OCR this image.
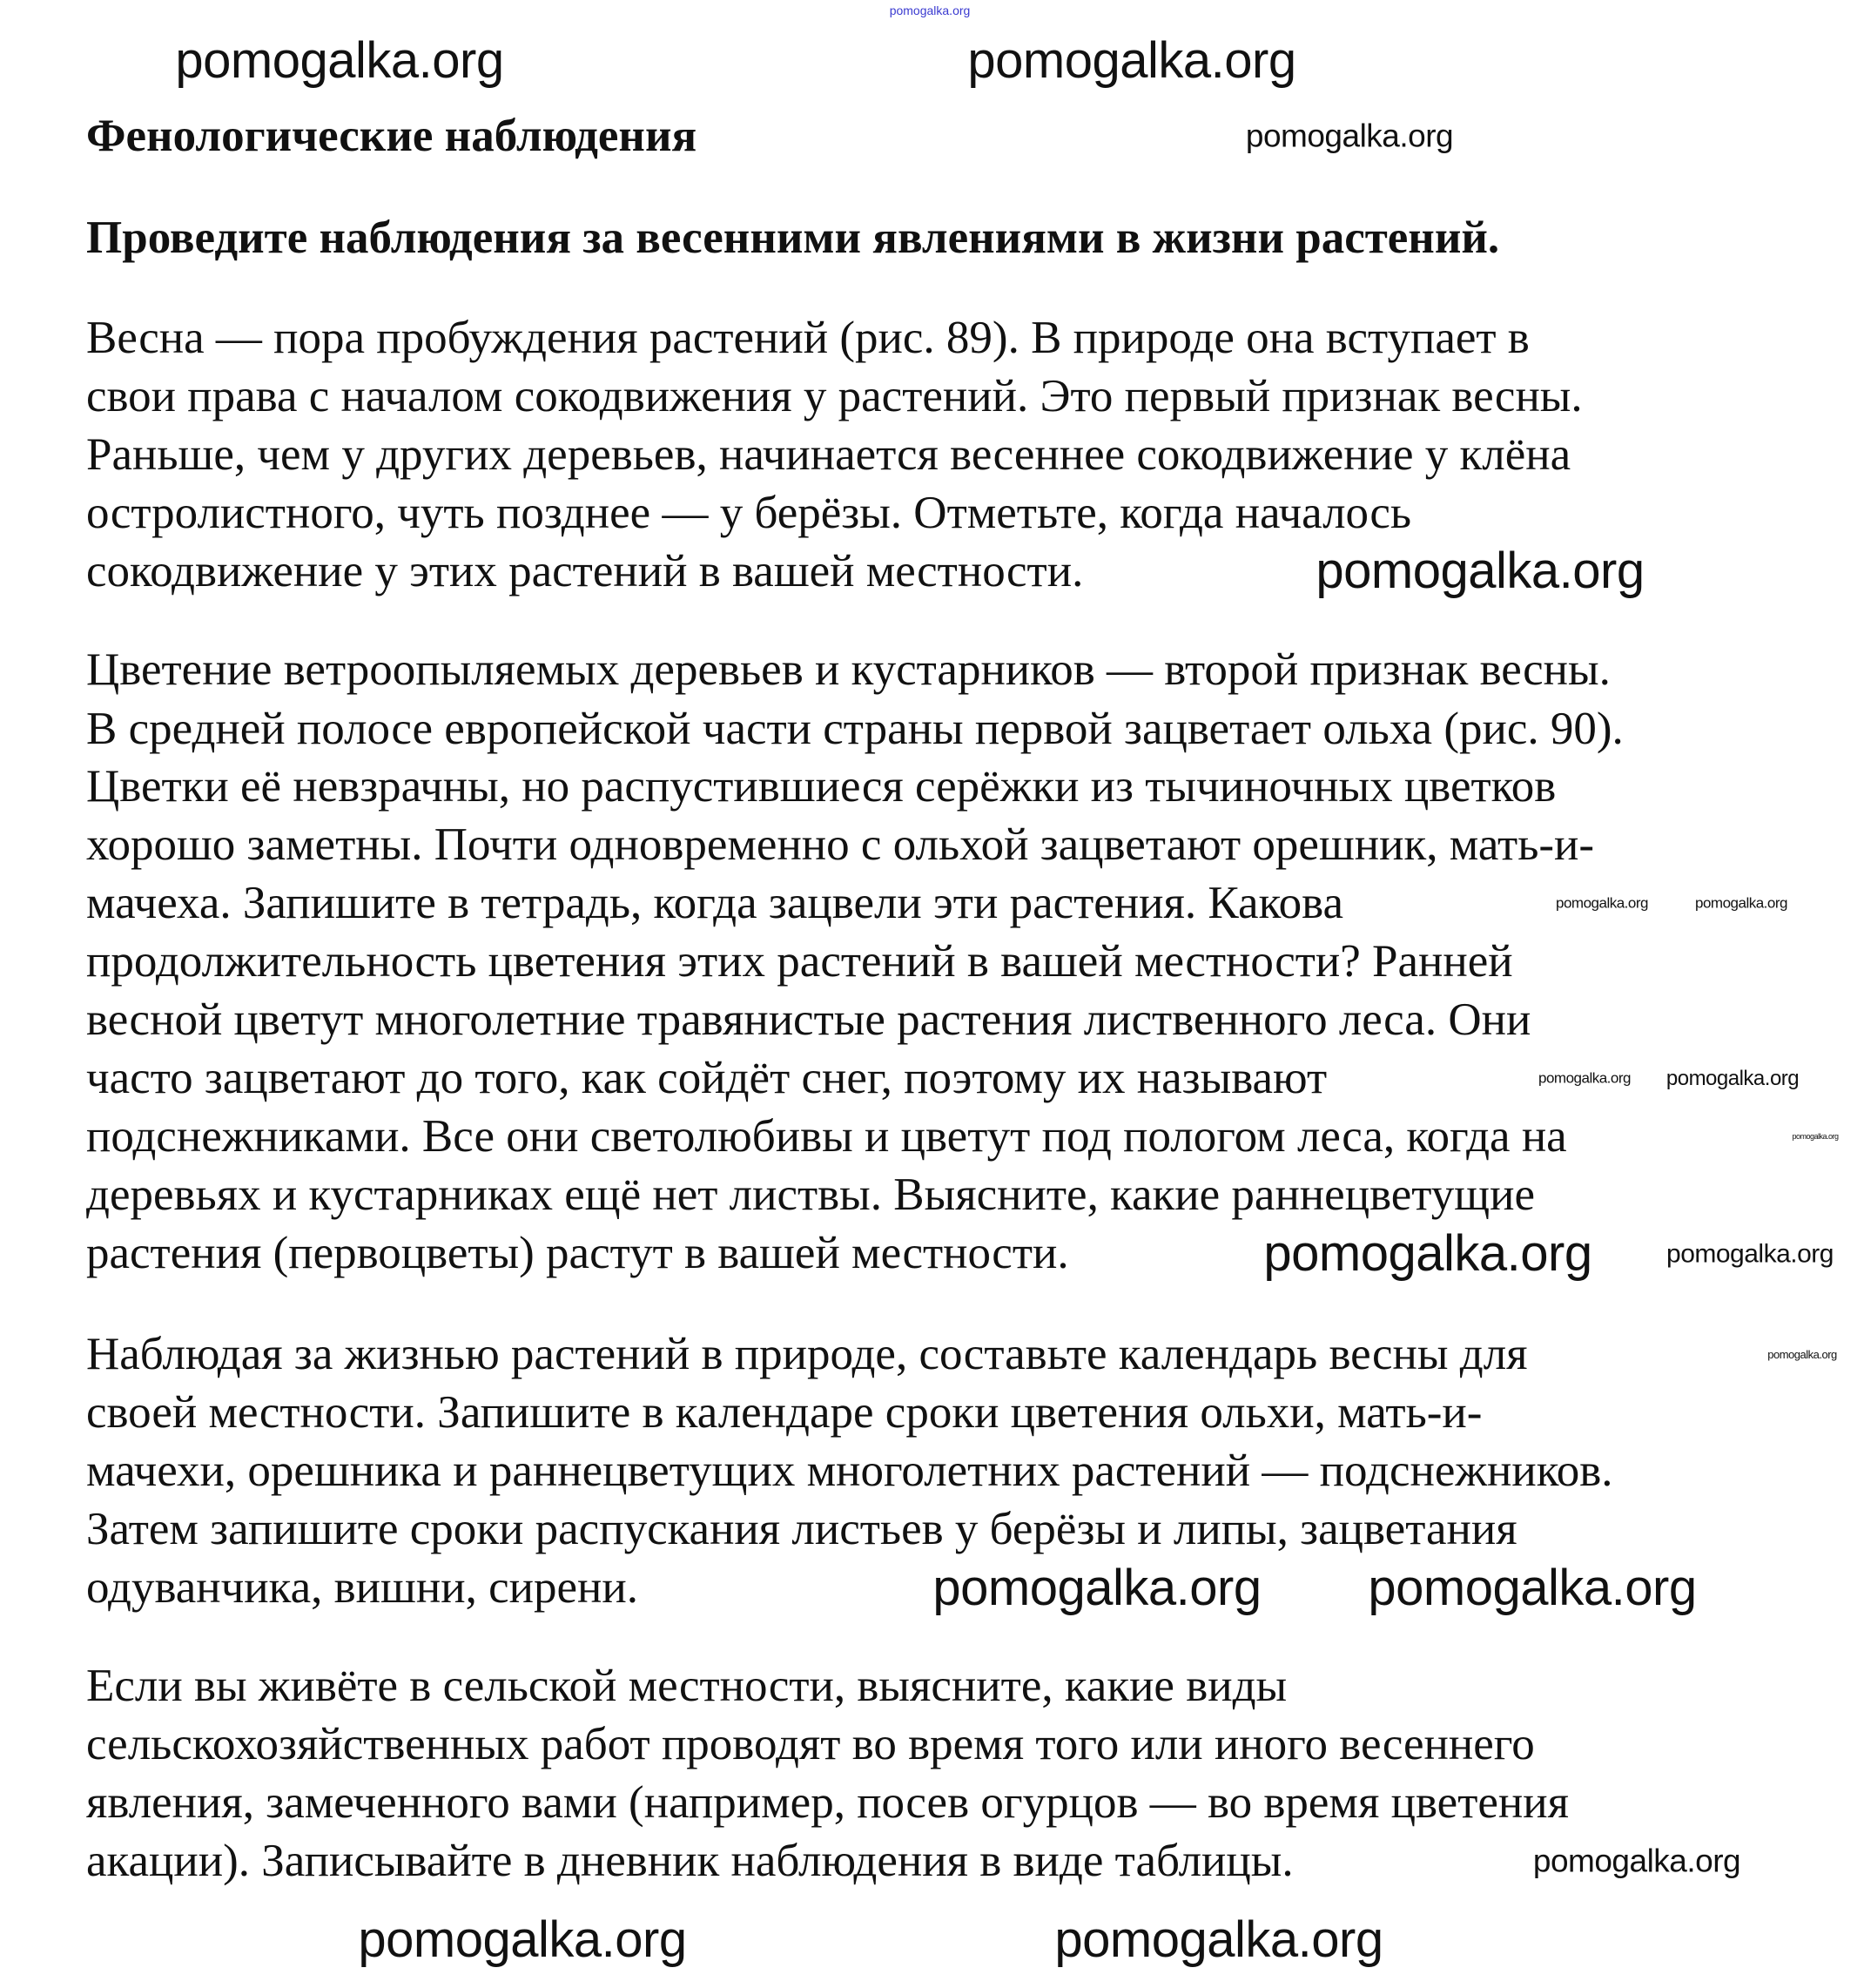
pomogalka.org
Фенологические наблюдения
Проведите наблюдения за весенними явлениями в жизни растений.
Весна — пора пробуждения растений (рис. 89). В природе она вступает в
свои права с началом сокодвижения у растений. Это первый признак весны.
Раньше, чем у других деревьев, начинается весеннее сокодвижение у клёна
остролистного, чуть позднее — у берёзы. Отметьте, когда началось
сокодвижение у этих растений в вашей местности.
Цветение ветроопыляемых деревьев и кустарников — второй признак весны.
В средней полосе европейской части страны первой зацветает ольха (рис. 90).
Цветки её невзрачны, но распустившиеся серёжки из тычиночных цветков
хорошо заметны. Почти одновременно с ольхой зацветают орешник, мать-и-
мачеха. Запишите в тетрадь, когда зацвели эти растения. Какова
продолжительность цветения этих растений в вашей местности? Ранней
весной цветут многолетние травянистые растения лиственного леса. Они
часто зацветают до того, как сойдёт снег, поэтому их называют
подснежниками. Все они светолюбивы и цветут под пологом леса, когда на
деревьях и кустарниках ещё нет листвы. Выясните, какие раннецветущие
растения (первоцветы) растут в вашей местности.
Наблюдая за жизнью растений в природе, составьте календарь весны для
своей местности. Запишите в календаре сроки цветения ольхи, мать-и-
мачехи, орешника и раннецветущих многолетних растений — подснежников.
Затем запишите сроки распускания листьев у берёзы и липы, зацветания
одуванчика, вишни, сирени.
Если вы живёте в сельской местности, выясните, какие виды
сельскохозяйственных работ проводят во время того или иного весеннего
явления, замеченного вами (например, посев огурцов — во время цветения
акации). Записывайте в дневник наблюдения в виде таблицы.
pomogalka.org	pomogalka.org
pomogalka.org
pomogalka.org
pomogalka.org
pomogalka.org	pomogalka.org
pomogalka.org pomogalka.org
pomogalka.org
pomogalka.org
pomogalka.org
pomogalka.org pomogalka.org
pomogalka.org
pomogalka.org	pomogalka.org
